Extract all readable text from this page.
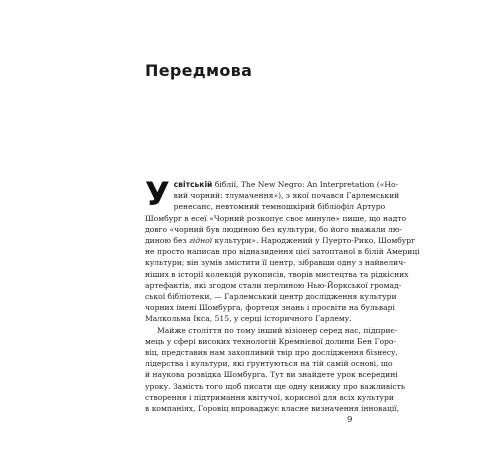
Передмова

У світській біблії, The New Negro: An Interpretation («Но-
вий чорний: тлумачення»), з якої почався Гарлемський
ренесанс, невтомний темношкірий бібліофіл Артуро
Шомбург в есеї «Чорний розкопує своє минуле» пише, що надто
довго «чорний був людиною без культури, бо його вважали лю-
диною без гідної культури». Народжений у Пуерто-Рико, Шомбург
не просто написав про відназидення цієї затоптаної в білій Америці
культури; він зумів змістити її центр, зібравши одну з найвелич-
ніших в історії колекцій рукописів, творів мистецтва та рідкісних
артефактів, які згодом стали перлиною Нью-Йоркської громад-
ської бібліотеки, — Гарлемський центр дослідження культури
чорних імені Шомбурга, фортеця знань і просвіти на бульварі
Малкольма Ікса, 515, у серці історичного Гарлему.

Майже століття по тому інший візіонер серед нас, підприє-
мець у сфері високих технологій Кремнієвої долини Бен Горо-
віц, представив нам захопливий твір про дослідження бізнесу,
лідерства і культури, які ґрунтуються на тій самій основі, що
й наукова розвідка Шомбурга. Тут ви знайдете урок всередині
уроку. Замість того щоб писати ще одну книжку про важливість
створення і підтримання квітучої, корисної для всіх культури
в компаніях, Горовіц впроваджує власне визначення інновації,

9
